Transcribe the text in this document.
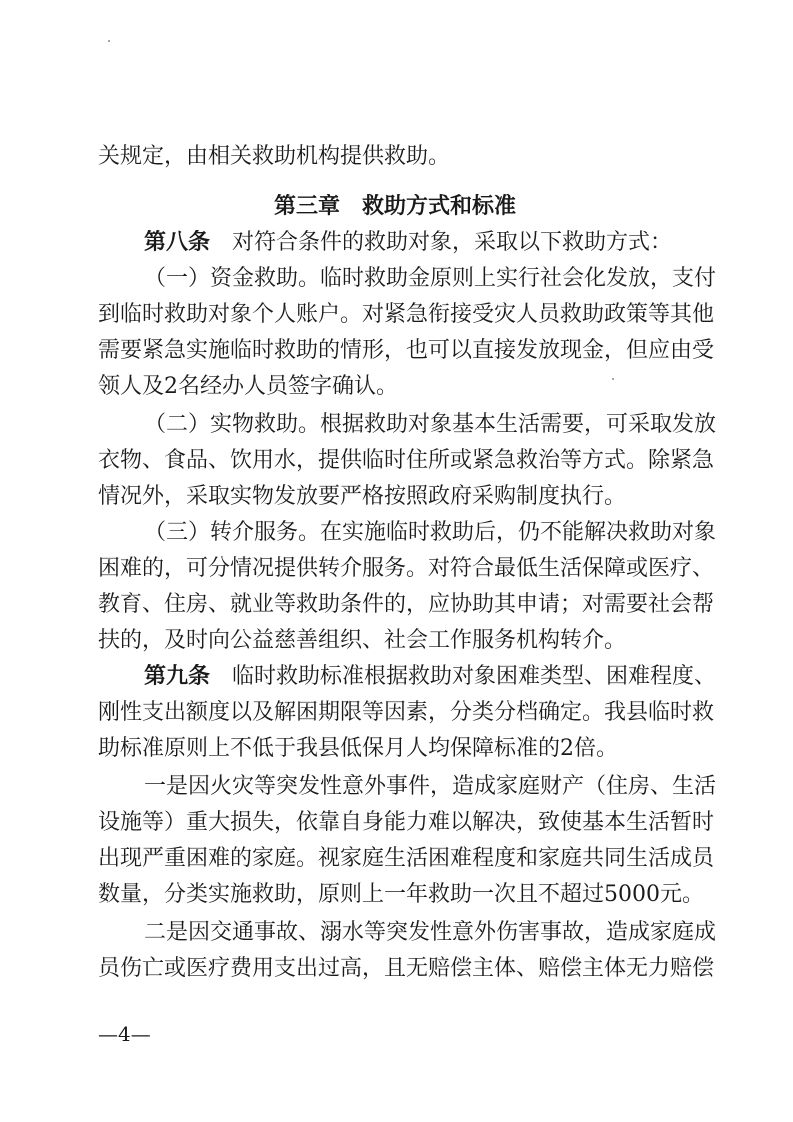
关规定，由相关救助机构提供救助。
第三章　救助方式和标准
第八条 对符合条件的救助对象，采取以下救助方式：
（一）资金救助。临时救助金原则上实行社会化发放，支付
到临时救助对象个人账户。对紧急衔接受灾人员救助政策等其他
需要紧急实施临时救助的情形，也可以直接发放现金，但应由受
领人及2名经办人员签字确认。
（二）实物救助。根据救助对象基本生活需要，可采取发放
衣物、食品、饮用水，提供临时住所或紧急救治等方式。除紧急
情况外，采取实物发放要严格按照政府采购制度执行。
（三）转介服务。在实施临时救助后，仍不能解决救助对象
困难的，可分情况提供转介服务。对符合最低生活保障或医疗、
教育、住房、就业等救助条件的，应协助其申请；对需要社会帮
扶的，及时向公益慈善组织、社会工作服务机构转介。
第九条 临时救助标准根据救助对象困难类型、困难程度、
刚性支出额度以及解困期限等因素，分类分档确定。我县临时救
助标准原则上不低于我县低保月人均保障标准的2倍。
一是因火灾等突发性意外事件，造成家庭财产（住房、生活
设施等）重大损失，依靠自身能力难以解决，致使基本生活暂时
出现严重困难的家庭。视家庭生活困难程度和家庭共同生活成员
数量，分类实施救助，原则上一年救助一次且不超过5000元。
二是因交通事故、溺水等突发性意外伤害事故，造成家庭成
员伤亡或医疗费用支出过高，且无赔偿主体、赔偿主体无力赔偿
—4—
